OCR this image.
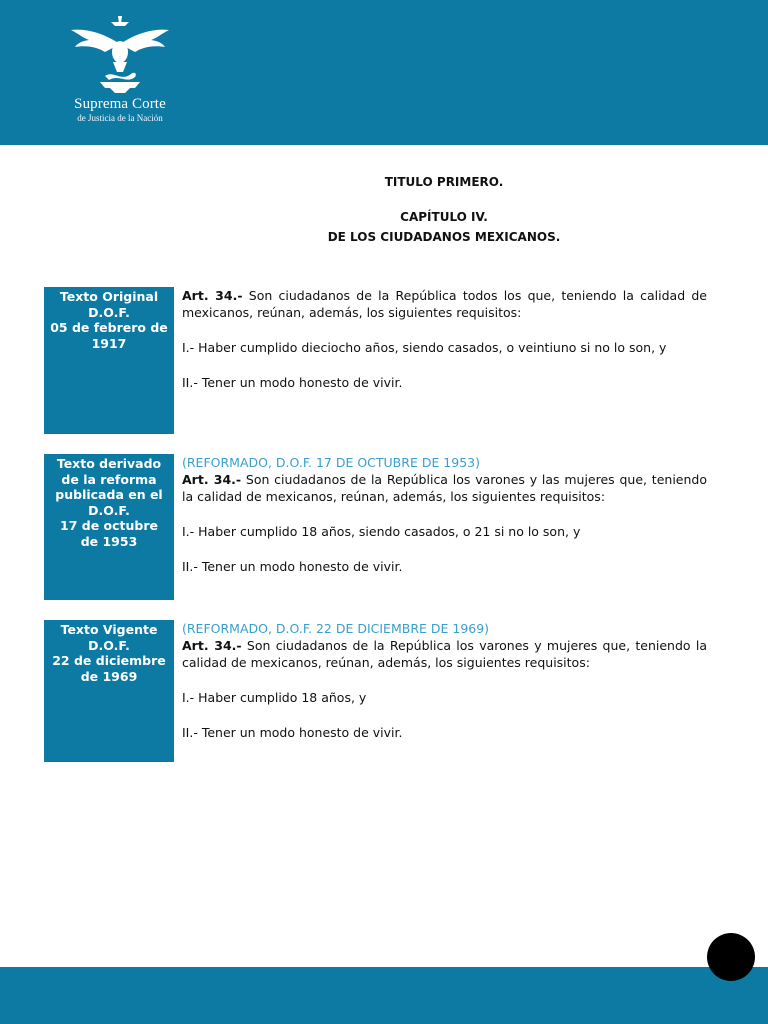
Suprema Corte
de Justicia de la Nación
TITULO PRIMERO.
CAPÍTULO IV.
DE LOS CIUDADANOS MEXICANOS.
Texto Original
D.O.F.
05 de febrero de
1917

Art. 34.- Son ciudadanos de la República todos los que, teniendo la calidad de mexicanos, reúnan, además, los siguientes requisitos:

I.- Haber cumplido dieciocho años, siendo casados, o veintiuno si no lo son, y

II.- Tener un modo honesto de vivir.

Texto derivado
de la reforma
publicada en el
D.O.F.
17 de octubre
de 1953

(REFORMADO, D.O.F. 17 DE OCTUBRE DE 1953)

Art. 34.- Son ciudadanos de la República los varones y las mujeres que, teniendo la calidad de mexicanos, reúnan, además, los siguientes requisitos:

I.- Haber cumplido 18 años, siendo casados, o 21 si no lo son, y

II.- Tener un modo honesto de vivir.

Texto Vigente
D.O.F.
22 de diciembre
de 1969

(REFORMADO, D.O.F. 22 DE DICIEMBRE DE 1969)

Art. 34.- Son ciudadanos de la República los varones y mujeres que, teniendo la calidad de mexicanos, reúnan, además, los siguientes requisitos:

I.- Haber cumplido 18 años, y

II.- Tener un modo honesto de vivir.
